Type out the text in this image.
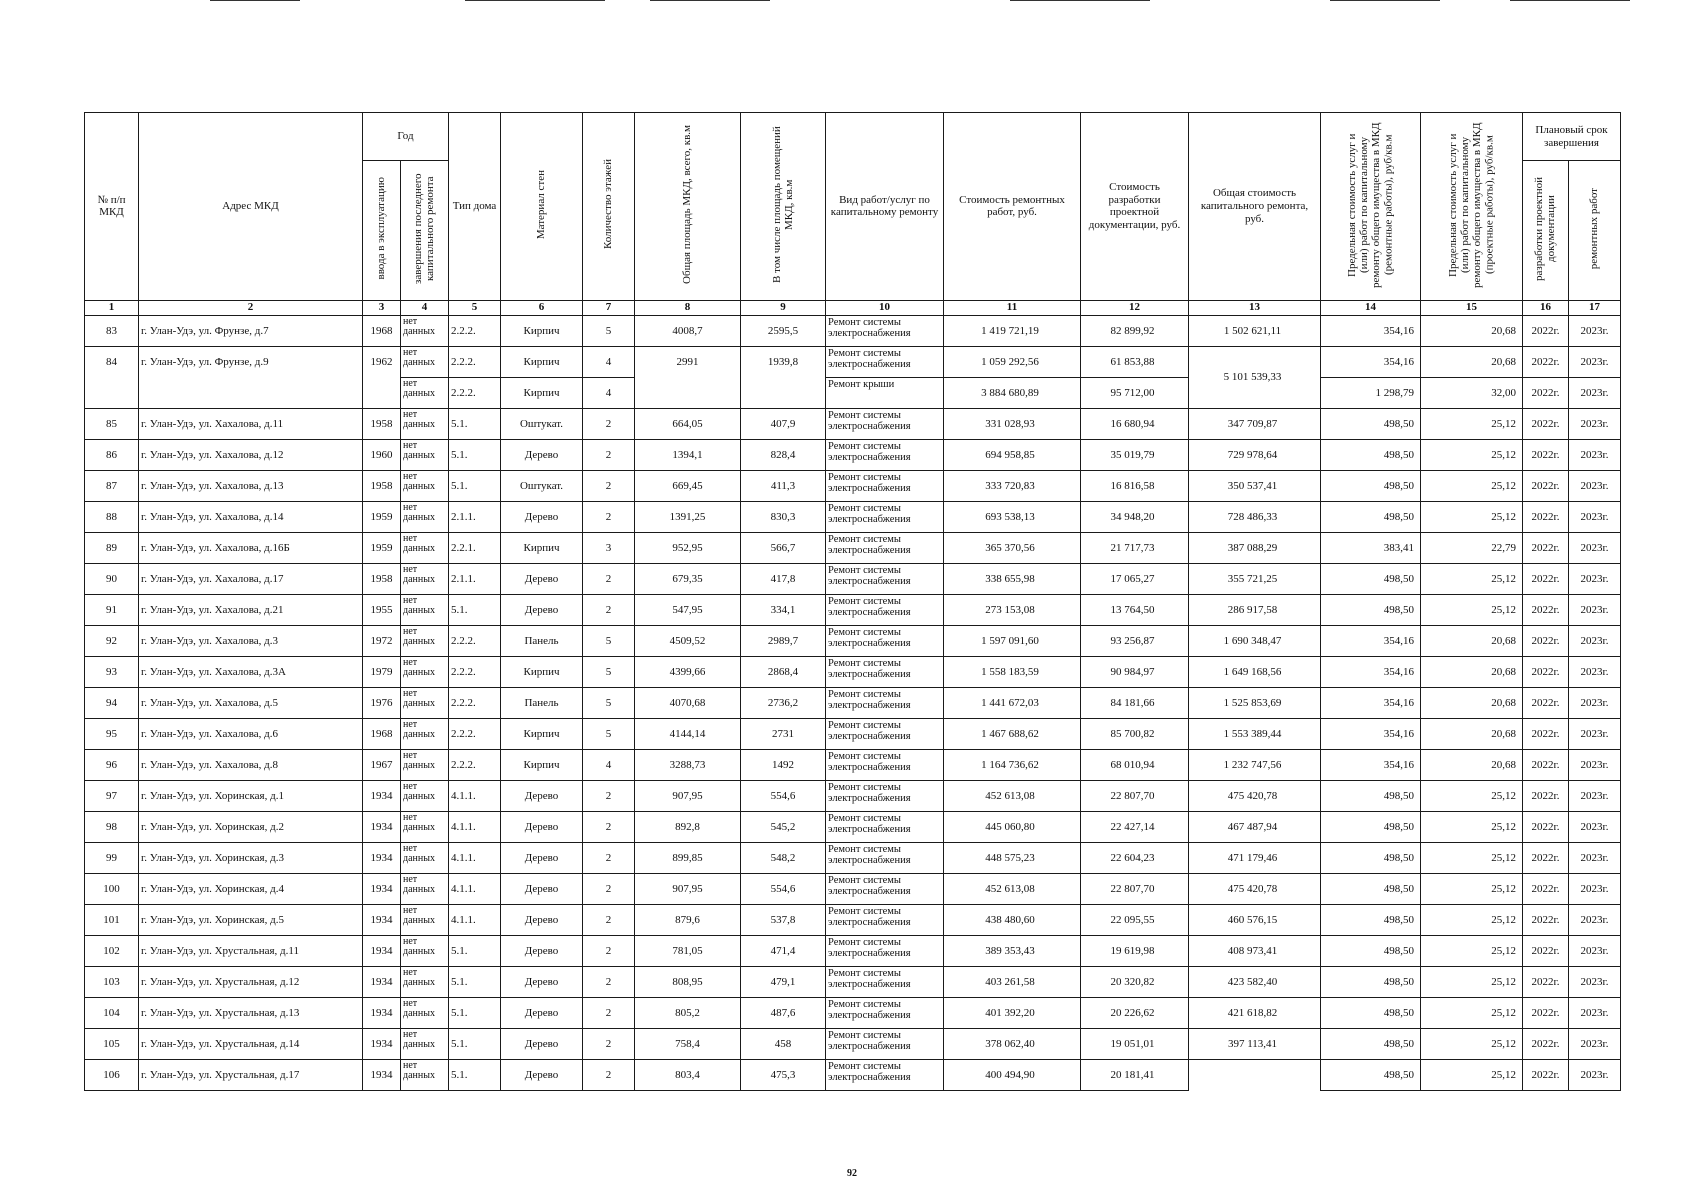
№ п/п МКД	Адрес МКД	Год		Тип дома	Материал стен	Количество этажей	Общая площадь МКД, всего, кв.м	В том числе площадь помещений МКД, кв.м	Вид работ/услуг по капитальному ремонту	Стоимость ремонтных работ, руб.	Стоимость разработки проектной документации, руб.	Общая стоимость капитального ремонта, руб.	Предельная стоимость услуг и (или) работ по капитальному ремонту общего имущества в МКД (ремонтные работы), руб/кв.м	Предельная стоимость услуг и (или) работ по капитальному ремонту общего имущества в МКД (проектные работы), руб/кв.м	Плановый срок завершения	
		ввода в эксплуатацию	завершения последнего капитального ремонта												разработки проектной документации	ремонтных работ
1	2	3	4	5	6	7	8	9	10	11	12	13	14	15	16	17
83	г. Улан-Удэ, ул. Фрунзе, д.7	1968	нет данных	2.2.2.	Кирпич	5	4008,7	2595,5	Ремонт системы электроснабжения	1 419 721,19	82 899,92	1 502 621,11	354,16	20,68	2022г.	2023г.
84	г. Улан-Удэ, ул. Фрунзе, д.9	1962	нет данных	2.2.2.	Кирпич	4	2991	1939,8	Ремонт системы электроснабжения	1 059 292,56	61 853,88	5 101 539,33	354,16	20,68	2022г.	2023г.
			нет данных	2.2.2.	Кирпич	4			Ремонт крыши	3 884 680,89	95 712,00		1 298,79	32,00	2022г.	2023г.
85	г. Улан-Удэ, ул. Хахалова, д.11	1958	нет данных	5.1.	Оштукат.	2	664,05	407,9	Ремонт системы электроснабжения	331 028,93	16 680,94	347 709,87	498,50	25,12	2022г.	2023г.
86	г. Улан-Удэ, ул. Хахалова, д.12	1960	нет данных	5.1.	Дерево	2	1394,1	828,4	Ремонт системы электроснабжения	694 958,85	35 019,79	729 978,64	498,50	25,12	2022г.	2023г.
87	г. Улан-Удэ, ул. Хахалова, д.13	1958	нет данных	5.1.	Оштукат.	2	669,45	411,3	Ремонт системы электроснабжения	333 720,83	16 816,58	350 537,41	498,50	25,12	2022г.	2023г.
88	г. Улан-Удэ, ул. Хахалова, д.14	1959	нет данных	2.1.1.	Дерево	2	1391,25	830,3	Ремонт системы электроснабжения	693 538,13	34 948,20	728 486,33	498,50	25,12	2022г.	2023г.
89	г. Улан-Удэ, ул. Хахалова, д.16Б	1959	нет данных	2.2.1.	Кирпич	3	952,95	566,7	Ремонт системы электроснабжения	365 370,56	21 717,73	387 088,29	383,41	22,79	2022г.	2023г.
90	г. Улан-Удэ, ул. Хахалова, д.17	1958	нет данных	2.1.1.	Дерево	2	679,35	417,8	Ремонт системы электроснабжения	338 655,98	17 065,27	355 721,25	498,50	25,12	2022г.	2023г.
91	г. Улан-Удэ, ул. Хахалова, д.21	1955	нет данных	5.1.	Дерево	2	547,95	334,1	Ремонт системы электроснабжения	273 153,08	13 764,50	286 917,58	498,50	25,12	2022г.	2023г.
92	г. Улан-Удэ, ул. Хахалова, д.3	1972	нет данных	2.2.2.	Панель	5	4509,52	2989,7	Ремонт системы электроснабжения	1 597 091,60	93 256,87	1 690 348,47	354,16	20,68	2022г.	2023г.
93	г. Улан-Удэ, ул. Хахалова, д.3А	1979	нет данных	2.2.2.	Кирпич	5	4399,66	2868,4	Ремонт системы электроснабжения	1 558 183,59	90 984,97	1 649 168,56	354,16	20,68	2022г.	2023г.
94	г. Улан-Удэ, ул. Хахалова, д.5	1976	нет данных	2.2.2.	Панель	5	4070,68	2736,2	Ремонт системы электроснабжения	1 441 672,03	84 181,66	1 525 853,69	354,16	20,68	2022г.	2023г.
95	г. Улан-Удэ, ул. Хахалова, д.6	1968	нет данных	2.2.2.	Кирпич	5	4144,14	2731	Ремонт системы электроснабжения	1 467 688,62	85 700,82	1 553 389,44	354,16	20,68	2022г.	2023г.
96	г. Улан-Удэ, ул. Хахалова, д.8	1967	нет данных	2.2.2.	Кирпич	4	3288,73	1492	Ремонт системы электроснабжения	1 164 736,62	68 010,94	1 232 747,56	354,16	20,68	2022г.	2023г.
97	г. Улан-Удэ, ул. Хоринская, д.1	1934	нет данных	4.1.1.	Дерево	2	907,95	554,6	Ремонт системы электроснабжения	452 613,08	22 807,70	475 420,78	498,50	25,12	2022г.	2023г.
98	г. Улан-Удэ, ул. Хоринская, д.2	1934	нет данных	4.1.1.	Дерево	2	892,8	545,2	Ремонт системы электроснабжения	445 060,80	22 427,14	467 487,94	498,50	25,12	2022г.	2023г.
99	г. Улан-Удэ, ул. Хоринская, д.3	1934	нет данных	4.1.1.	Дерево	2	899,85	548,2	Ремонт системы электроснабжения	448 575,23	22 604,23	471 179,46	498,50	25,12	2022г.	2023г.
100	г. Улан-Удэ, ул. Хоринская, д.4	1934	нет данных	4.1.1.	Дерево	2	907,95	554,6	Ремонт системы электроснабжения	452 613,08	22 807,70	475 420,78	498,50	25,12	2022г.	2023г.
101	г. Улан-Удэ, ул. Хоринская, д.5	1934	нет данных	4.1.1.	Дерево	2	879,6	537,8	Ремонт системы электроснабжения	438 480,60	22 095,55	460 576,15	498,50	25,12	2022г.	2023г.
102	г. Улан-Удэ, ул. Хрустальная, д.11	1934	нет данных	5.1.	Дерево	2	781,05	471,4	Ремонт системы электроснабжения	389 353,43	19 619,98	408 973,41	498,50	25,12	2022г.	2023г.
103	г. Улан-Удэ, ул. Хрустальная, д.12	1934	нет данных	5.1.	Дерево	2	808,95	479,1	Ремонт системы электроснабжения	403 261,58	20 320,82	423 582,40	498,50	25,12	2022г.	2023г.
104	г. Улан-Удэ, ул. Хрустальная, д.13	1934	нет данных	5.1.	Дерево	2	805,2	487,6	Ремонт системы электроснабжения	401 392,20	20 226,62	421 618,82	498,50	25,12	2022г.	2023г.
105	г. Улан-Удэ, ул. Хрустальная, д.14	1934	нет данных	5.1.	Дерево	2	758,4	458	Ремонт системы электроснабжения	378 062,40	19 051,01	397 113,41	498,50	25,12	2022г.	2023г.
106	г. Улан-Удэ, ул. Хрустальная, д.17	1934	нет данных	5.1.	Дерево	2	803,4	475,3	Ремонт системы электроснабжения	400 494,90	20 181,41		498,50	25,12	2022г.	2023г.
92
